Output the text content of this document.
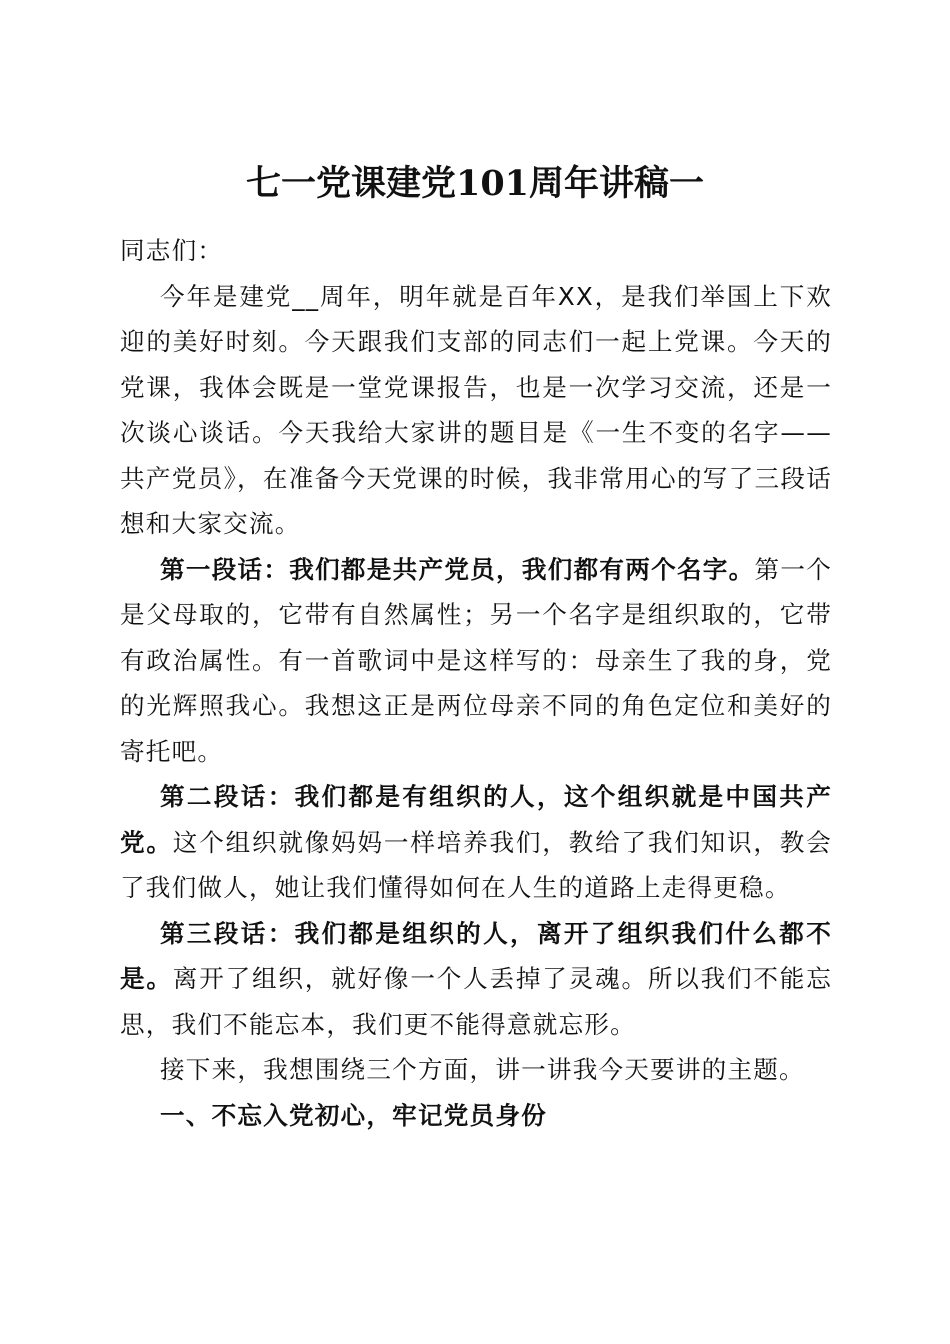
七一党课建党101周年讲稿一

同志们：

今年是建党__周年，明年就是百年XX，是我们举国上下欢迎的美好时刻。今天跟我们支部的同志们一起上党课。今天的党课，我体会既是一堂党课报告，也是一次学习交流，还是一次谈心谈话。今天我给大家讲的题目是《一生不变的名字——共产党员》，在准备今天党课的时候，我非常用心的写了三段话想和大家交流。

第一段话：我们都是共产党员，我们都有两个名字。第一个是父母取的，它带有自然属性；另一个名字是组织取的，它带有政治属性。有一首歌词中是这样写的：母亲生了我的身，党的光辉照我心。我想这正是两位母亲不同的角色定位和美好的寄托吧。

第二段话：我们都是有组织的人，这个组织就是中国共产党。这个组织就像妈妈一样培养我们，教给了我们知识，教会了我们做人，她让我们懂得如何在人生的道路上走得更稳。

第三段话：我们都是组织的人，离开了组织我们什么都不是。离开了组织，就好像一个人丢掉了灵魂。所以我们不能忘思，我们不能忘本，我们更不能得意就忘形。

接下来，我想围绕三个方面，讲一讲我今天要讲的主题。

一、不忘入党初心，牢记党员身份
